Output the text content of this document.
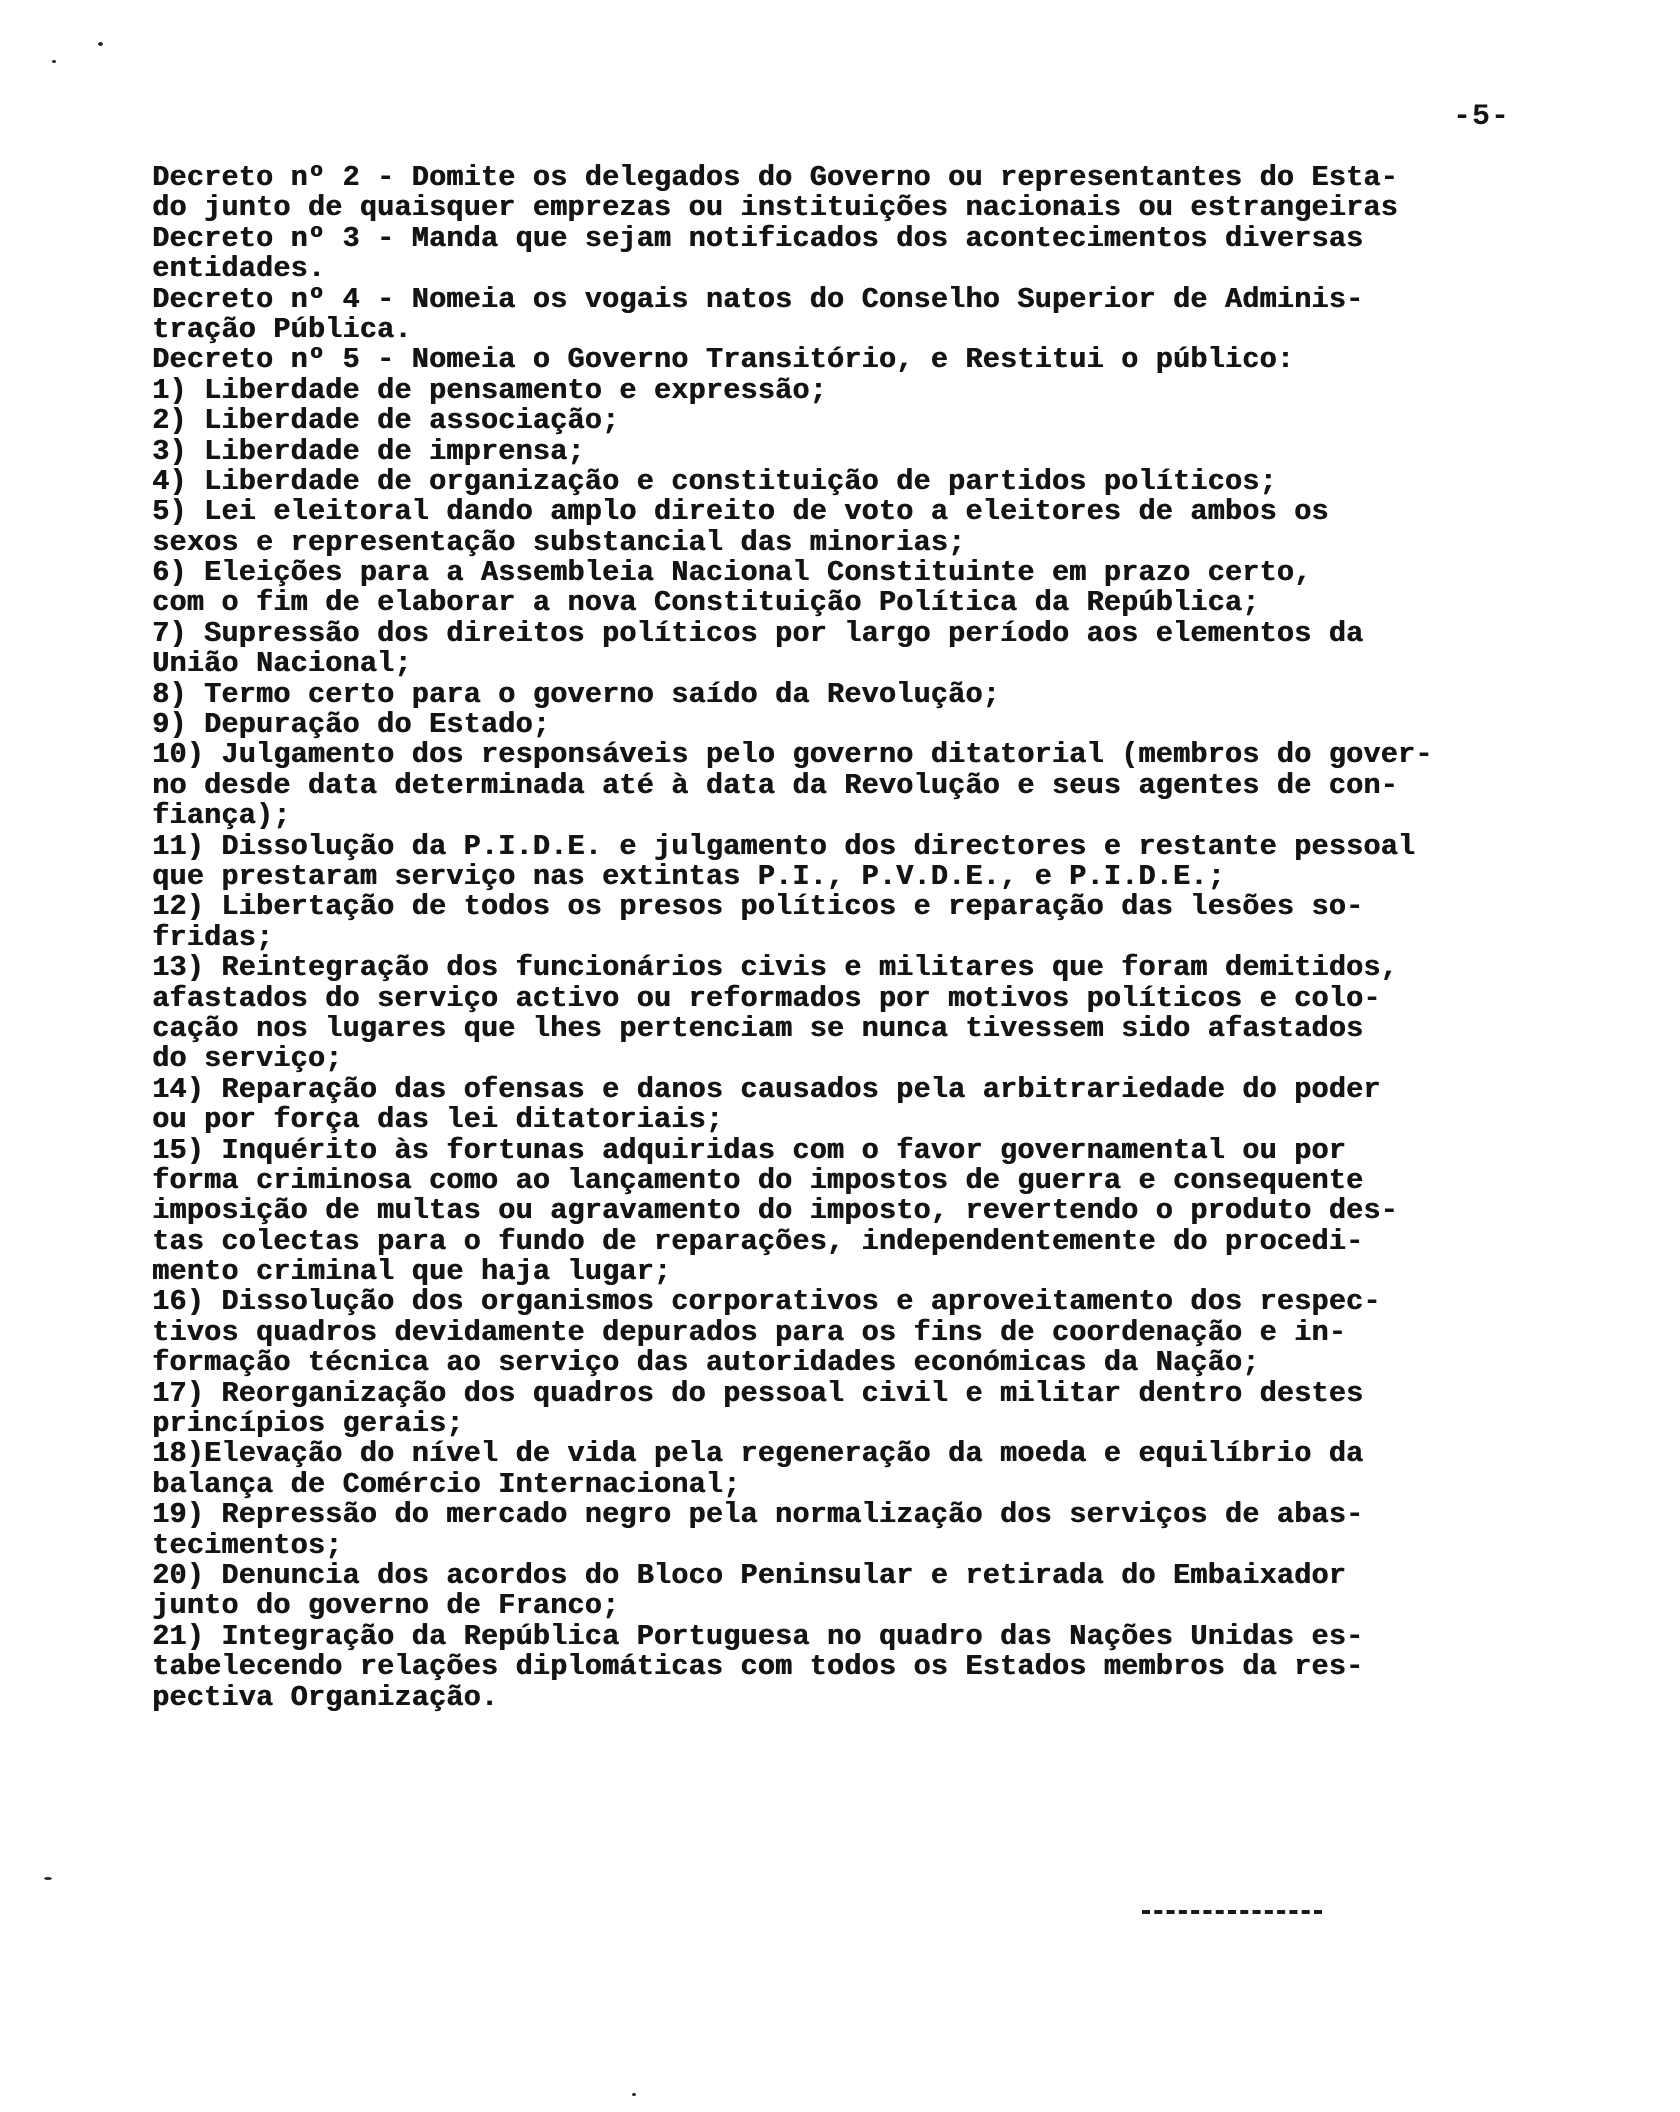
-5-
Decreto nº 2 - Domite os delegados do Governo ou representantes do Esta-
do junto de quaisquer emprezas ou instituições nacionais ou estrangeiras
Decreto nº 3 - Manda que sejam notificados dos acontecimentos diversas
entidades.
Decreto nº 4 - Nomeia os vogais natos do Conselho Superior de Adminis-
tração Pública.
Decreto nº 5 - Nomeia o Governo Transitório, e Restitui o público:
1) Liberdade de pensamento e expressão;
2) Liberdade de associação;
3) Liberdade de imprensa;
4) Liberdade de organização e constituição de partidos políticos;
5) Lei eleitoral dando amplo direito de voto a eleitores de ambos os
sexos e representação substancial das minorias;
6) Eleições para a Assembleia Nacional Constituinte em prazo certo,
com o fim de elaborar a nova Constituição Política da República;
7) Supressão dos direitos políticos por largo período aos elementos da
União Nacional;
8) Termo certo para o governo saído da Revolução;
9) Depuração do Estado;
10) Julgamento dos responsáveis pelo governo ditatorial (membros do gover-
no desde data determinada até à data da Revolução e seus agentes de con-
fiança);
11) Dissolução da P.I.D.E. e julgamento dos directores e restante pessoal
que prestaram serviço nas extintas P.I., P.V.D.E., e P.I.D.E.;
12) Libertação de todos os presos políticos e reparação das lesões so-
fridas;
13) Reintegração dos funcionários civis e militares que foram demitidos,
afastados do serviço activo ou reformados por motivos políticos e colo-
cação nos lugares que lhes pertenciam se nunca tivessem sido afastados
do serviço;
14) Reparação das ofensas e danos causados pela arbitrariedade do poder
ou por força das lei ditatoriais;
15) Inquérito às fortunas adquiridas com o favor governamental ou por
forma criminosa como ao lançamento do impostos de guerra e consequente
imposição de multas ou agravamento do imposto, revertendo o produto des-
tas colectas para o fundo de reparações, independentemente do procedi-
mento criminal que haja lugar;
16) Dissolução dos organismos corporativos e aproveitamento dos respec-
tivos quadros devidamente depurados para os fins de coordenação e in-
formação técnica ao serviço das autoridades económicas da Nação;
17) Reorganização dos quadros do pessoal civil e militar dentro destes
princípios gerais;
18)Elevação do nível de vida pela regeneração da moeda e equilíbrio da
balança de Comércio Internacional;
19) Repressão do mercado negro pela normalização dos serviços de abas-
tecimentos;
20) Denuncia dos acordos do Bloco Peninsular e retirada do Embaixador
junto do governo de Franco;
21) Integração da República Portuguesa no quadro das Nações Unidas es-
tabelecendo relações diplomáticas com todos os Estados membros da res-
pectiva Organização.
